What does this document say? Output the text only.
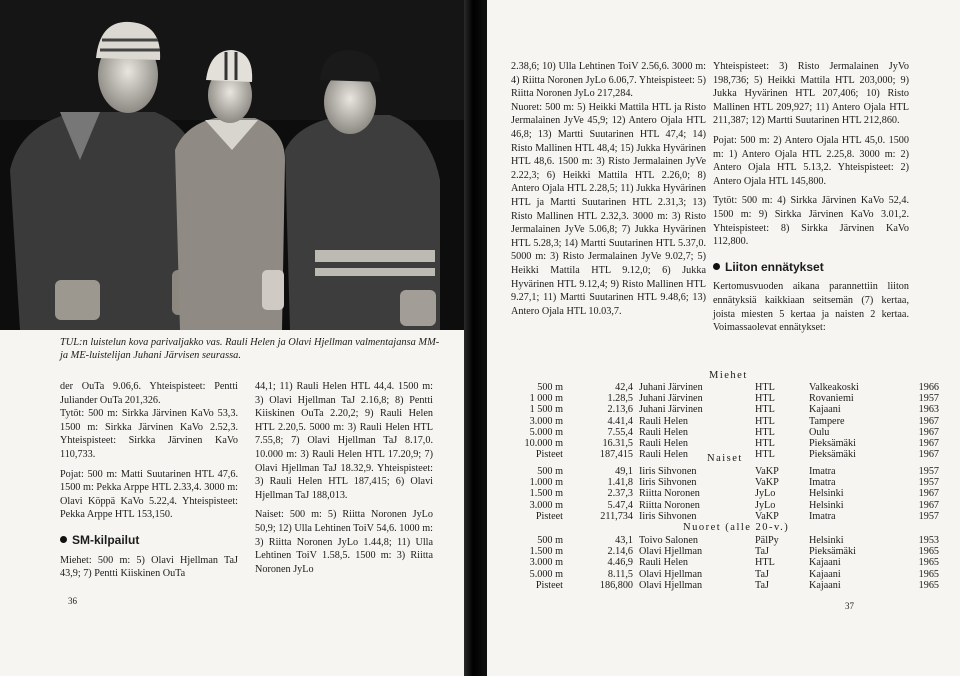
TUL:n luistelun kova parivaljakko vas. Rauli Helen ja Olavi Hjellman valmentajansa MM- ja ME-luistelijan Juhani Järvisen seurassa.

der OuTa 9.06,6. Yhteispisteet: Pentti Juliander OuTa 201,326.

Tytöt: 500 m: Sirkka Järvinen KaVo 53,3. 1500 m: Sirkka Järvinen KaVo 2.52,3. Yhteispisteet: Sirkka Järvinen KaVo 110,733.

Pojat: 500 m: Matti Suutarinen HTL 47,6. 1500 m: Pekka Arppe HTL 2.33,4. 3000 m: Olavi Köppä KaVo 5.22,4. Yhteispisteet: Pekka Arppe HTL 153,150.

SM-kilpailut

Miehet: 500 m: 5) Olavi Hjellman TaJ 43,9; 7) Pentti Kiiskinen OuTa

44,1; 11) Rauli Helen HTL 44,4. 1500 m: 3) Olavi Hjellman TaJ 2.16,8; 8) Pentti Kiiskinen OuTa 2.20,2; 9) Rauli Helen HTL 2.20,5. 5000 m: 3) Rauli Helen HTL 7.55,8; 7) Olavi Hjellman TaJ 8.17,0. 10.000 m: 3) Rauli Helen HTL 17.20,9; 7) Olavi Hjellman TaJ 18.32,9. Yhteispisteet: 3) Rauli Helen HTL 187,415; 6) Olavi Hjellman TaJ 188,013.

Naiset: 500 m: 5) Riitta Noronen JyLo 50,9; 12) Ulla Lehtinen ToiV 54,6. 1000 m: 3) Riitta Noronen JyLo 1.44,8; 11) Ulla Lehtinen ToiV 1.58,5. 1500 m: 3) Riitta Noronen JyLo

36

2.38,6; 10) Ulla Lehtinen ToiV 2.56,6. 3000 m: 4) Riitta Noronen JyLo 6.06,7. Yhteispisteet: 5) Riitta Noronen JyLo 217,284.

Nuoret: 500 m: 5) Heikki Mattila HTL ja Risto Jermalainen JyVe 45,9; 12) Antero Ojala HTL 46,8; 13) Martti Suutarinen HTL 47,4; 14) Risto Mallinen HTL 48,4; 15) Jukka Hyvärinen HTL 48,6. 1500 m: 3) Risto Jermalainen JyVe 2.22,3; 6) Heikki Mattila HTL 2.26,0; 8) Antero Ojala HTL 2.28,5; 11) Jukka Hyvärinen HTL ja Martti Suutarinen HTL 2.31,3; 13) Risto Mallinen HTL 2.32,3. 3000 m: 3) Risto Jermalainen JyVe 5.06,8; 7) Jukka Hyvärinen HTL 5.28,3; 14) Martti Suutarinen HTL 5.37,0. 5000 m: 3) Risto Jermalainen JyVe 9.02,7; 5) Heikki Mattila HTL 9.12,0; 6) Jukka Hyvärinen HTL 9.12,4; 9) Risto Mallinen HTL 9.27,1; 11) Martti Suutarinen HTL 9.48,6; 13) Antero Ojala HTL 10.03,7.

Yhteispisteet: 3) Risto Jermalainen JyVo 198,736; 5) Heikki Mattila HTL 203,000; 9) Jukka Hyvärinen HTL 207,406; 10) Risto Mallinen HTL 209,927; 11) Antero Ojala HTL 211,387; 12) Martti Suutarinen HTL 212,860.

Pojat: 500 m: 2) Antero Ojala HTL 45,0. 1500 m: 1) Antero Ojala HTL 2.25,8. 3000 m: 2) Antero Ojala HTL 5.13,2. Yhteispisteet: 2) Antero Ojala HTL 145,800.

Tytöt: 500 m: 4) Sirkka Järvinen KaVo 52,4. 1500 m: 9) Sirkka Järvinen KaVo 3.01,2. Yhteispisteet: 8) Sirkka Järvinen KaVo 112,800.

Liiton ennätykset

Kertomusvuoden aikana parannettiin liiton ennätyksiä kaikkiaan seitsemän (7) kertaa, joista miesten 5 kertaa ja naisten 2 kertaa. Voimassaolevat ennätykset:

Miehet
500 m	42,4 Juhani Järvinen	HTL	Valkeakoski	1966
1 000 m	1.28,5 Juhani Järvinen	HTL	Rovaniemi	1957
1 500 m	2.13,6 Juhani Järvinen	HTL	Kajaani	1963
3.000 m	4.41,4 Rauli Helen	HTL	Tampere	1967
5.000 m	7.55,4 Rauli Helen	HTL	Oulu	1967
10.000 m	16.31,5 Rauli Helen	HTL	Pieksämäki	1967
Pisteet	187,415 Rauli Helen	HTL	Pieksämäki	1967
Naiset
500 m	49,1 Iiris Sihvonen	VaKP	Imatra	1957
1.000 m	1.41,8 Iiris Sihvonen	VaKP	Imatra	1957
1.500 m	2.37,3 Riitta Noronen	JyLo	Helsinki	1967
3.000 m	5.47,4 Riitta Noronen	JyLo	Helsinki	1967
Pisteet	211,734 Iiris Sihvonen	VaKP	Imatra	1957
Nuoret (alle 20-v.)
500 m	43,1 Toivo Salonen	PälPy	Helsinki	1953
1.500 m	2.14,6 Olavi Hjellman	TaJ	Pieksämäki	1965
3.000 m	4.46,9 Rauli Helen	HTL	Kajaani	1965
5.000 m	8.11,5 Olavi Hjellman	TaJ	Kajaani	1965
Pisteet	186,800 Olavi Hjellman	TaJ	Kajaani	1965
37
